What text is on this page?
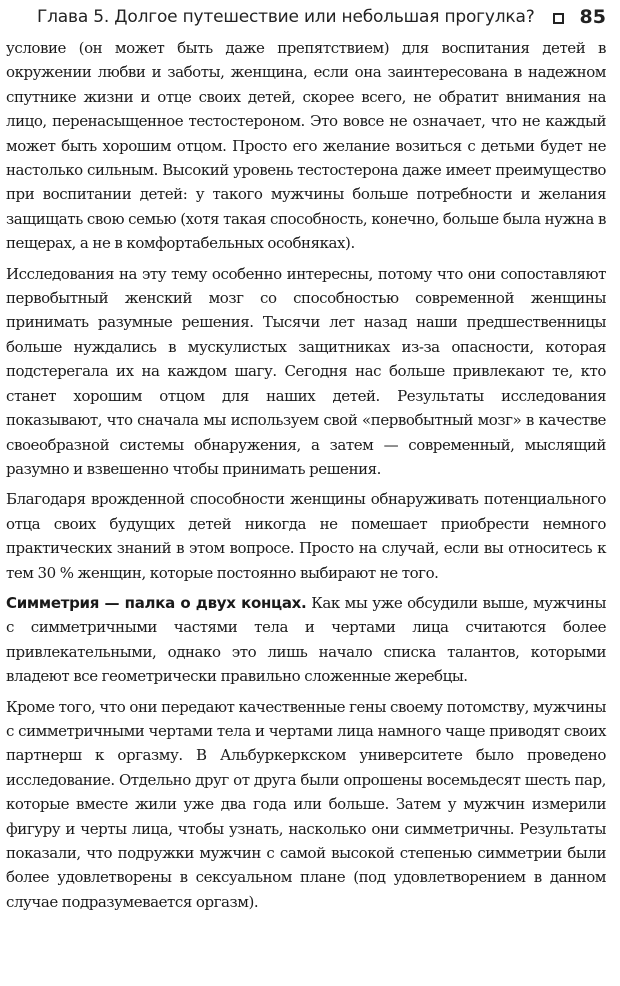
Глава 5. Долгое путешествие или небольшая прогулка? 85

условие (он может быть даже препятствием) для воспитания детей в окружении любви и заботы, женщина, если она заинтересована в надежном спутнике жизни и отце своих детей, скорее всего, не обратит внимания на лицо, перенасыщенное тестостероном. Это вовсе не означает, что не каждый может быть хорошим отцом. Просто его желание возиться с детьми будет не настолько сильным. Высокий уровень тестостерона даже имеет преимущество при воспитании детей: у такого мужчины больше потребности и желания защищать свою семью (хотя такая способность, конечно, больше была нужна в пещерах, а не в комфортабельных особняках).

Исследования на эту тему особенно интересны, потому что они сопоставляют первобытный женский мозг со способностью современной женщины принимать разумные решения. Тысячи лет назад наши предшественницы больше нуждались в мускулистых защитниках из-за опасности, которая подстерегала их на каждом шагу. Сегодня нас больше привлекают те, кто станет хорошим отцом для наших детей. Результаты исследования показывают, что сначала мы используем свой «первобытный мозг» в качестве своеобразной системы обнаружения, а затем — современный, мыслящий разумно и взвешенно чтобы принимать решения.

Благодаря врожденной способности женщины обнаруживать потенциального отца своих будущих детей никогда не помешает приобрести немного практических знаний в этом вопросе. Просто на случай, если вы относитесь к тем 30 % женщин, которые постоянно выбирают не того.

Симметрия — палка о двух концах. Как мы уже обсудили выше, мужчины с симметричными частями тела и чертами лица считаются более привлекательными, однако это лишь начало списка талантов, которыми владеют все геометрически правильно сложенные жеребцы.

Кроме того, что они передают качественные гены своему потомству, мужчины с симметричными чертами тела и чертами лица намного чаще приводят своих партнерш к оргазму. В Альбуркеркском университете было проведено исследование. Отдельно друг от друга были опрошены восемьдесят шесть пар, которые вместе жили уже два года или больше. Затем у мужчин измерили фигуру и черты лица, чтобы узнать, насколько они симметричны. Результаты показали, что подружки мужчин с самой высокой степенью симметрии были более удовлетворены в сексуальном плане (под удовлетворением в данном случае подразумевается оргазм).
